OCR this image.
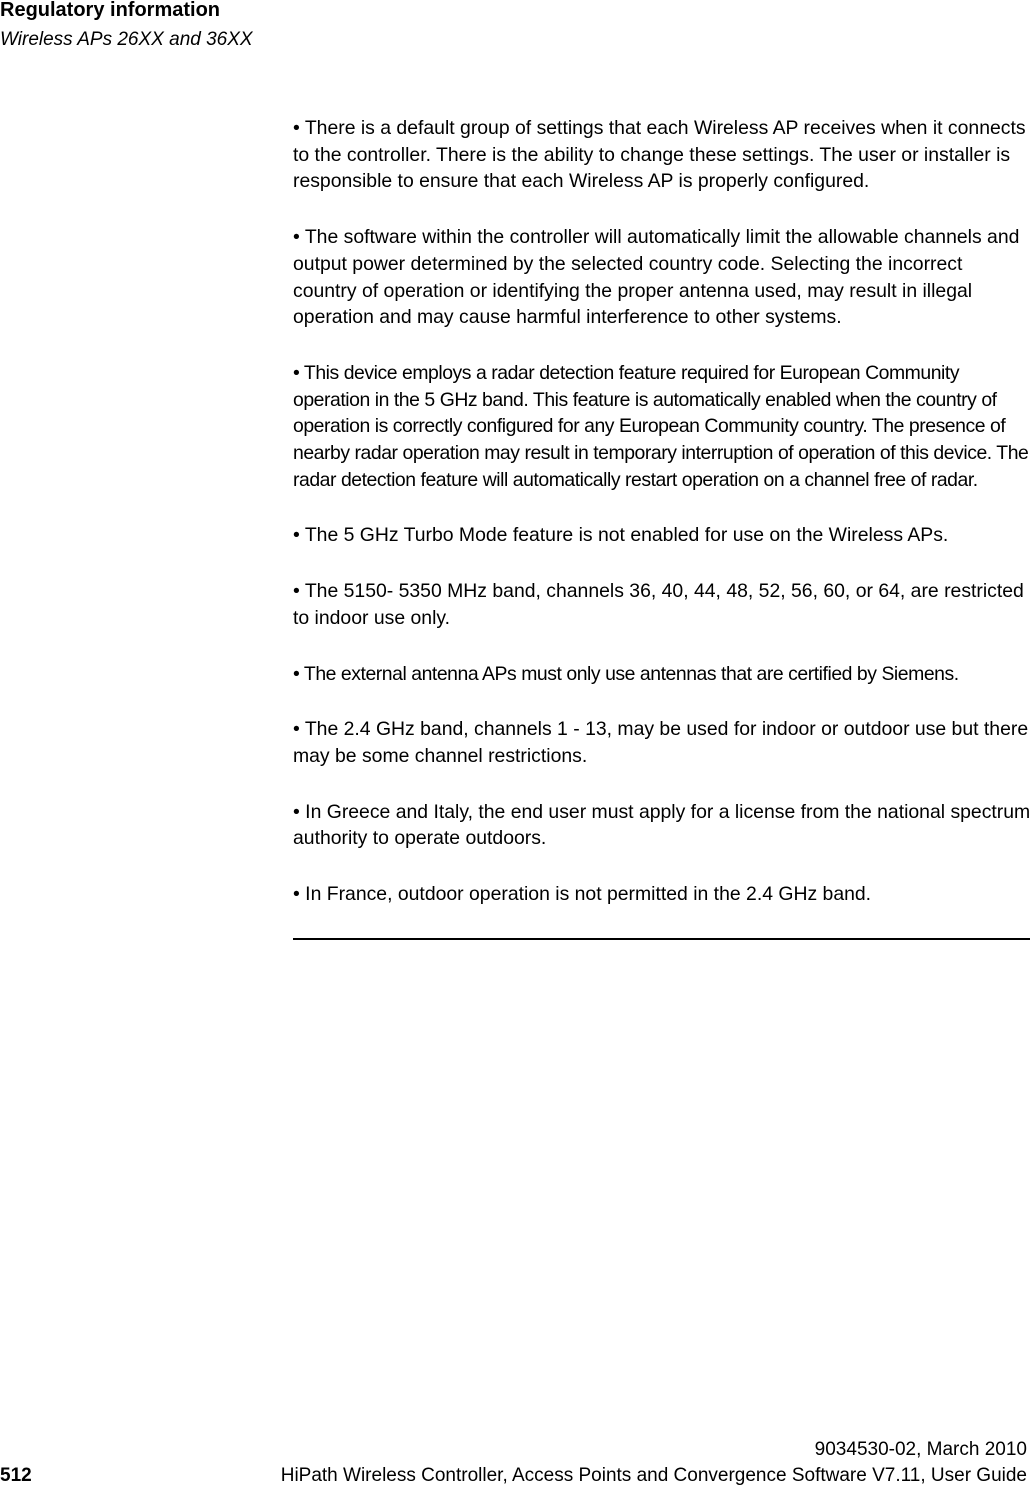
Regulatory information
Wireless APs 26XX and 36XX

• There is a default group of settings that each Wireless AP receives when it connects to the controller. There is the ability to change these settings. The user or installer is responsible to ensure that each Wireless AP is properly configured.

• The software within the controller will automatically limit the allowable channels and output power determined by the selected country code. Selecting the incorrect country of operation or identifying the proper antenna used, may result in illegal operation and may cause harmful interference to other systems.

• This device employs a radar detection feature required for European Community operation in the 5 GHz band. This feature is automatically enabled when the country of operation is correctly configured for any European Community country. The presence of nearby radar operation may result in temporary interruption of operation of this device. The radar detection feature will automatically restart operation on a channel free of radar.

• The 5 GHz Turbo Mode feature is not enabled for use on the Wireless APs.

• The 5150- 5350 MHz band, channels 36, 40, 44, 48, 52, 56, 60, or 64, are restricted to indoor use only.

• The external antenna APs must only use antennas that are certified by Siemens.

• The 2.4 GHz band, channels 1 - 13, may be used for indoor or outdoor use but there may be some channel restrictions.

• In Greece and Italy, the end user must apply for a license from the national spectrum authority to operate outdoors.

• In France, outdoor operation is not permitted in the 2.4 GHz band.

9034530-02, March 2010
512	HiPath Wireless Controller, Access Points and Convergence Software V7.11, User Guide
